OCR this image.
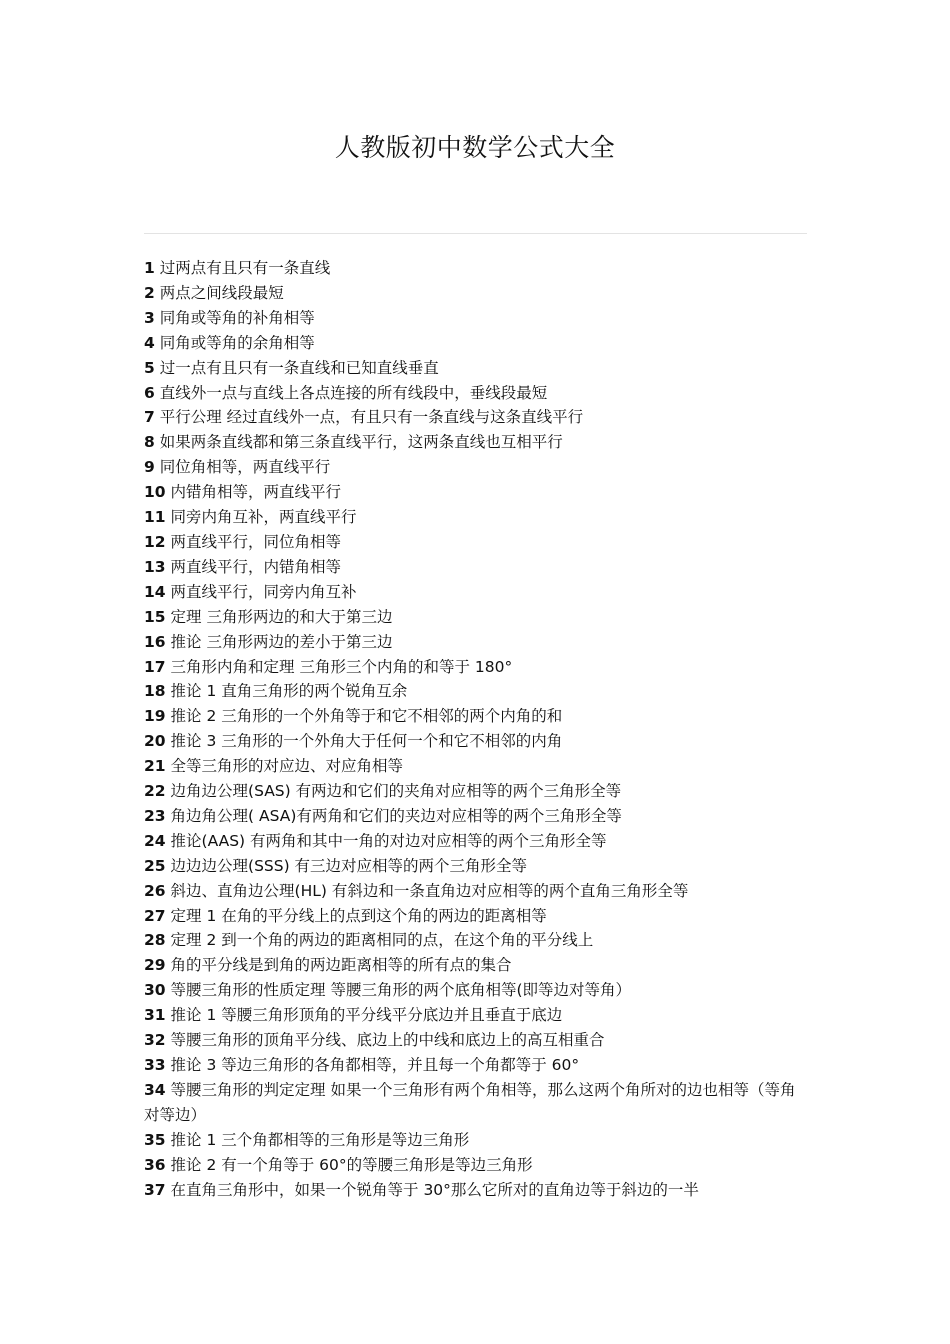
人教版初中数学公式大全
1 过两点有且只有一条直线
2 两点之间线段最短
3 同角或等角的补角相等
4 同角或等角的余角相等
5 过一点有且只有一条直线和已知直线垂直
6 直线外一点与直线上各点连接的所有线段中，垂线段最短
7 平行公理 经过直线外一点，有且只有一条直线与这条直线平行
8 如果两条直线都和第三条直线平行，这两条直线也互相平行
9 同位角相等，两直线平行
10 内错角相等，两直线平行
11 同旁内角互补，两直线平行
12 两直线平行，同位角相等
13 两直线平行，内错角相等
14 两直线平行，同旁内角互补
15 定理 三角形两边的和大于第三边
16 推论 三角形两边的差小于第三边
17 三角形内角和定理 三角形三个内角的和等于 180°
18 推论 1 直角三角形的两个锐角互余
19 推论 2 三角形的一个外角等于和它不相邻的两个内角的和
20 推论 3 三角形的一个外角大于任何一个和它不相邻的内角
21 全等三角形的对应边、对应角相等
22 边角边公理(SAS) 有两边和它们的夹角对应相等的两个三角形全等
23 角边角公理( ASA)有两角和它们的夹边对应相等的两个三角形全等
24 推论(AAS) 有两角和其中一角的对边对应相等的两个三角形全等
25 边边边公理(SSS) 有三边对应相等的两个三角形全等
26 斜边、直角边公理(HL) 有斜边和一条直角边对应相等的两个直角三角形全等
27 定理 1 在角的平分线上的点到这个角的两边的距离相等
28 定理 2 到一个角的两边的距离相同的点，在这个角的平分线上
29 角的平分线是到角的两边距离相等的所有点的集合
30 等腰三角形的性质定理 等腰三角形的两个底角相等(即等边对等角）
31 推论 1 等腰三角形顶角的平分线平分底边并且垂直于底边
32 等腰三角形的顶角平分线、底边上的中线和底边上的高互相重合
33 推论 3 等边三角形的各角都相等，并且每一个角都等于 60°
34 等腰三角形的判定定理 如果一个三角形有两个角相等，那么这两个角所对的边也相等（等角对等边）
35 推论 1 三个角都相等的三角形是等边三角形
36 推论 2 有一个角等于 60°的等腰三角形是等边三角形
37 在直角三角形中，如果一个锐角等于 30°那么它所对的直角边等于斜边的一半
